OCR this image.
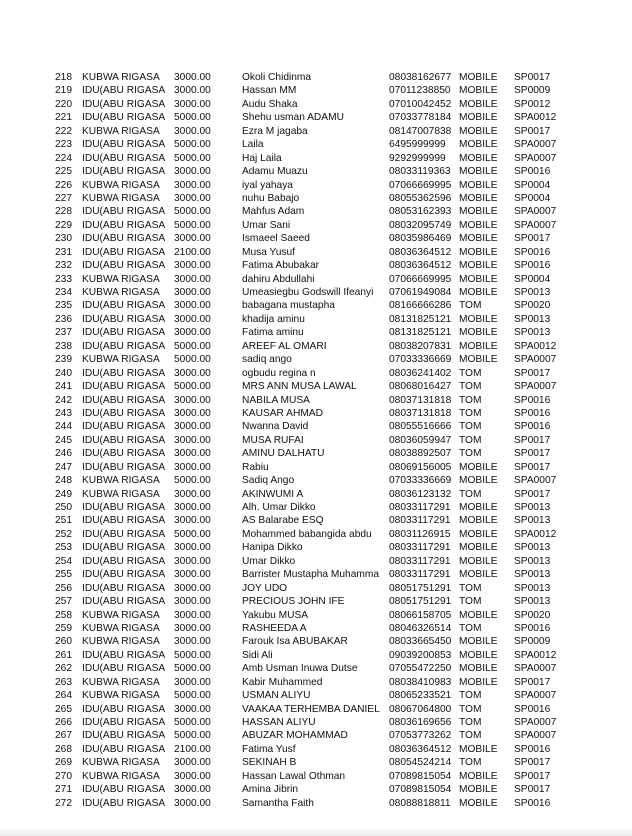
218 KUBWA RIGASA	3000.00	Okoli Chidinma	08038162677 MOBILE	SP0017
219 IDU(ABU RIGASA 3000.00	Hassan MM	07011238850 MOBILE	SP0009
220 IDU(ABU RIGASA 3000.00	Audu Shaka	07010042452 MOBILE	SP0012
221 IDU(ABU RIGASA 5000.00	Shehu usman ADAMU	07033778184 MOBILE	SPA0012
222 KUBWA RIGASA	3000.00	Ezra M jagaba	08147007838 MOBILE	SP0017
223 IDU(ABU RIGASA 5000.00	Laila	6495999999	MOBILE	SPA0007
224 IDU(ABU RIGASA 5000.00	Haj Laila	9292999999	MOBILE	SPA0007
225 IDU(ABU RIGASA 3000.00	Adamu Muazu	08033119363 MOBILE	SP0016
226 KUBWA RIGASA	3000.00	iyal yahaya	07066669995 MOBILE	SP0004
227 KUBWA RIGASA	3000.00	nuhu Babajo	08055362596 MOBILE	SP0004
228 IDU(ABU RIGASA 5000.00	Mahfus Adam	08053162393 MOBILE	SPA0007
229 IDU(ABU RIGASA 5000.00	Umar Sani	08032095749 MOBILE	SPA0007
230 IDU(ABU RIGASA 3000.00	Ismaeel Saeed	08035986469 MOBILE	SP0017
231 IDU(ABU RIGASA 2100.00	Musa Yusuf	08036364512 MOBILE	SP0016
232 IDU(ABU RIGASA 3000.00	Fatima Abubakar	08036364512 MOBILE	SP0016
233 KUBWA RIGASA	3000.00	dahiru Abdullahi	07066669995 MOBILE	SP0004
234 KUBWA RIGASA	3000.00	Umeasiegbu Godswill Ifeanyi	07061949084 MOBILE	SP0013
235 IDU(ABU RIGASA 3000.00	babagana mustapha	08166666286 TOM	SP0020
236 IDU(ABU RIGASA 3000.00	khadija aminu	08131825121 MOBILE	SP0013
237 IDU(ABU RIGASA 3000.00	Fatima aminu	08131825121 MOBILE	SP0013
238 IDU(ABU RIGASA 5000.00	AREEF AL OMARI	08038207831 MOBILE	SPA0012
239 KUBWA RIGASA	5000.00	sadiq ango	07033336669 MOBILE	SPA0007
240 IDU(ABU RIGASA 3000.00	ogbudu regina n	08036241402 TOM	SP0017
241 IDU(ABU RIGASA 5000.00	MRS ANN MUSA LAWAL	08068016427 TOM	SPA0007
242 IDU(ABU RIGASA 3000.00	NABILA MUSA	08037131818 TOM	SP0016
243 IDU(ABU RIGASA 3000.00	KAUSAR AHMAD	08037131818 TOM	SP0016
244 IDU(ABU RIGASA 3000.00	Nwanna David	08055516666 TOM	SP0016
245 IDU(ABU RIGASA 3000.00	MUSA RUFAI	08036059947 TOM	SP0017
246 IDU(ABU RIGASA 3000.00	AMINU DALHATU	08038892507 TOM	SP0017
247 IDU(ABU RIGASA 3000.00	Rabiu	08069156005 MOBILE	SP0017
248 KUBWA RIGASA	5000.00	Sadiq Ango	07033336669 MOBILE	SPA0007
249 KUBWA RIGASA	3000.00	AKINWUMI A	08036123132 TOM	SP0017
250 IDU(ABU RIGASA 3000.00	Alh. Umar Dikko	08033117291 MOBILE	SP0013
251 IDU(ABU RIGASA 3000.00	AS Balarabe ESQ	08033117291 MOBILE	SP0013
252 IDU(ABU RIGASA 5000.00	Mohammed babangida abdu	08031126915 MOBILE	SPA0012
253 IDU(ABU RIGASA 3000.00	Hanipa Dikko	08033117291 MOBILE	SP0013
254 IDU(ABU RIGASA 3000.00	Umar Dikko	08033117291 MOBILE	SP0013
255 IDU(ABU RIGASA 3000.00	Barrister Mustapha Muhamma 08033117291 MOBILE	SP0013
256 IDU(ABU RIGASA 3000.00	JOY UDO	08051751291 TOM	SP0013
257 IDU(ABU RIGASA 3000.00	PRECIOUS JOHN IFE	08051751291 TOM	SP0013
258 KUBWA RIGASA	3000.00	Yakubu MUSA	08066158705 MOBILE	SP0020
259 KUBWA RIGASA	3000.00	RASHEEDA A	08046326514 TOM	SP0016
260 KUBWA RIGASA	3000.00	Farouk Isa ABUBAKAR	08033665450 MOBILE	SP0009
261 IDU(ABU RIGASA 5000.00	Sidi Ali	09039200853 MOBILE	SPA0012
262 IDU(ABU RIGASA 5000.00	Amb Usman Inuwa Dutse	07055472250 MOBILE	SPA0007
263 KUBWA RIGASA	3000.00	Kabir Muhammed	08038410983 MOBILE	SP0017
264 KUBWA RIGASA	5000.00	USMAN ALIYU	08065233521 TOM	SPA0007
265 IDU(ABU RIGASA 3000.00	VAAKAA TERHEMBA DANIEL 08067064800 TOM	SP0016
266 IDU(ABU RIGASA 5000.00	HASSAN ALIYU	08036169656 TOM	SPA0007
267 IDU(ABU RIGASA 5000.00	ABUZAR MOHAMMAD	07053773262 TOM	SPA0007
268 IDU(ABU RIGASA 2100.00	Fatima Yusf	08036364512 MOBILE	SP0016
269 KUBWA RIGASA	3000.00	SEKINAH B	08054524214 TOM	SP0017
270 KUBWA RIGASA	3000.00	Hassan Lawal Othman	07089815054 MOBILE	SP0017
271 IDU(ABU RIGASA 3000.00	Amina Jibrin	07089815054 MOBILE	SP0017
272 IDU(ABU RIGASA 3000.00	Samantha Faith	08088818811 MOBILE	SP0016
